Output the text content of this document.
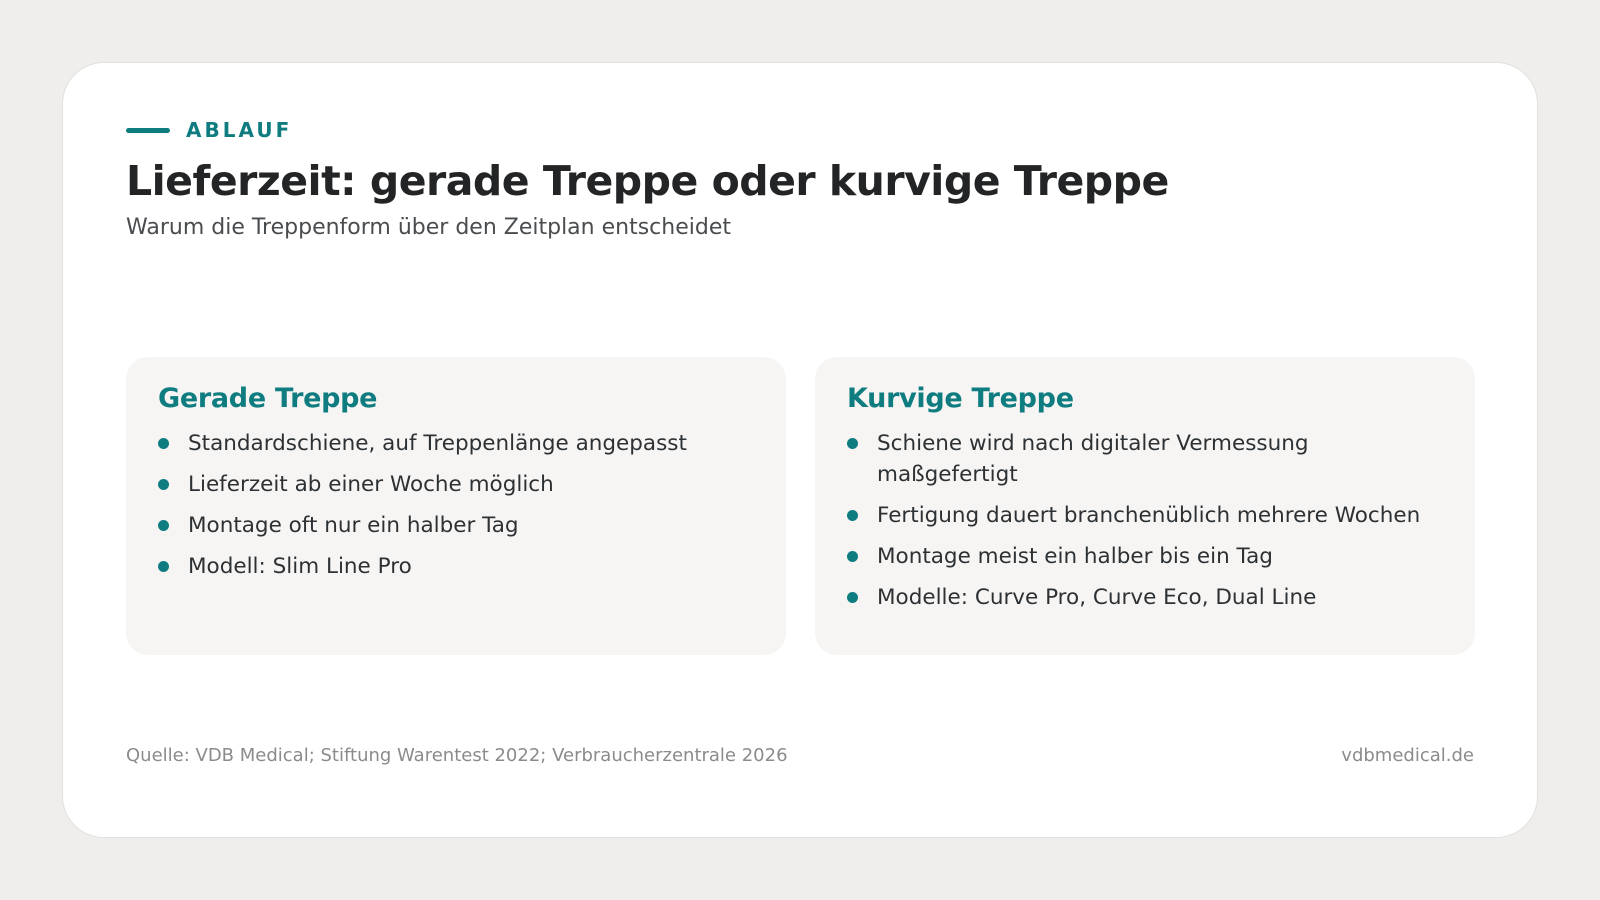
ABLAUF
Lieferzeit: gerade Treppe oder kurvige Treppe
Warum die Treppenform über den Zeitplan entscheidet
Gerade Treppe
Standardschiene, auf Treppenlänge angepasst
Lieferzeit ab einer Woche möglich
Montage oft nur ein halber Tag
Modell: Slim Line Pro
Kurvige Treppe
Schiene wird nach digitaler Vermessung maßgefertigt
Fertigung dauert branchenüblich mehrere Wochen
Montage meist ein halber bis ein Tag
Modelle: Curve Pro, Curve Eco, Dual Line
Quelle: VDB Medical; Stiftung Warentest 2022; Verbraucherzentrale 2026	vdbmedical.de
